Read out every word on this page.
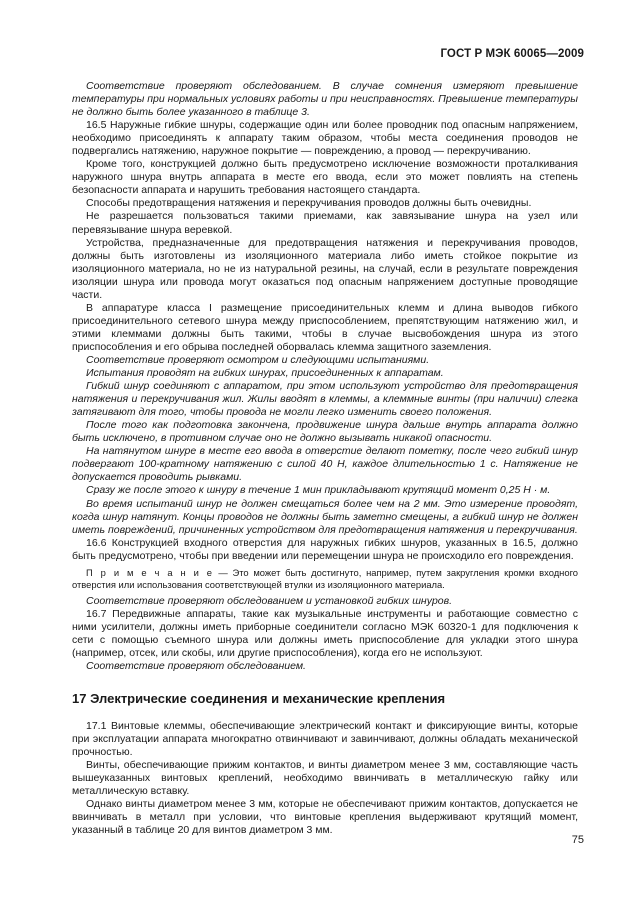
ГОСТ Р МЭК 60065—2009

Соответствие проверяют обследованием. В случае сомнения измеряют превышение температуры при нормальных условиях работы и при неисправностях. Превышение температуры не должно быть более указанного в таблице 3.

16.5 Наружные гибкие шнуры, содержащие один или более проводник под опасным напряжением, необходимо присоединять к аппарату таким образом, чтобы места соединения проводов не подвергались натяжению, наружное покрытие — повреждению, а провод — перекручиванию.

Кроме того, конструкцией должно быть предусмотрено исключение возможности проталкивания наружного шнура внутрь аппарата в месте его ввода, если это может повлиять на степень безопасности аппарата и нарушить требования настоящего стандарта.

Способы предотвращения натяжения и перекручивания проводов должны быть очевидны.

Не разрешается пользоваться такими приемами, как завязывание шнура на узел или перевязывание шнура веревкой.

Устройства, предназначенные для предотвращения натяжения и перекручивания проводов, должны быть изготовлены из изоляционного материала либо иметь стойкое покрытие из изоляционного материала, но не из натуральной резины, на случай, если в результате повреждения изоляции шнура или провода могут оказаться под опасным напряжением доступные проводящие части.

В аппаратуре класса I размещение присоединительных клемм и длина выводов гибкого присоединительного сетевого шнура между приспособлением, препятствующим натяжению жил, и этими клеммами должны быть такими, чтобы в случае высвобождения шнура из этого приспособления и его обрыва последней оборвалась клемма защитного заземления.

Соответствие проверяют осмотром и следующими испытаниями.

Испытания проводят на гибких шнурах, присоединенных к аппаратам.

Гибкий шнур соединяют с аппаратом, при этом используют устройство для предотвращения натяжения и перекручивания жил. Жилы вводят в клеммы, а клеммные винты (при наличии) слегка затягивают для того, чтобы провода не могли легко изменить своего положения.

После того как подготовка закончена, продвижение шнура дальше внутрь аппарата должно быть исключено, в противном случае оно не должно вызывать никакой опасности.

На натянутом шнуре в месте его ввода в отверстие делают пометку, после чего гибкий шнур подвергают 100-кратному натяжению с силой 40 Н, каждое длительностью 1 с. Натяжение не допускается проводить рывками.

Сразу же после этого к шнуру в течение 1 мин прикладывают крутящий момент 0,25 Н · м.

Во время испытаний шнур не должен смещаться более чем на 2 мм. Это измерение проводят, когда шнур натянут. Концы проводов не должны быть заметно смещены, а гибкий шнур не должен иметь повреждений, причиненных устройством для предотвращения натяжения и перекручивания.

16.6 Конструкцией входного отверстия для наружных гибких шнуров, указанных в 16.5, должно быть предусмотрено, чтобы при введении или перемещении шнура не происходило его повреждения.

П р и м е ч а н и е — Это может быть достигнуто, например, путем закругления кромки входного отверстия или использования соответствующей втулки из изоляционного материала.

Соответствие проверяют обследованием и установкой гибких шнуров.

16.7 Передвижные аппараты, такие как музыкальные инструменты и работающие совместно с ними усилители, должны иметь приборные соединители согласно МЭК 60320-1 для подключения к сети с помощью съемного шнура или должны иметь приспособление для укладки этого шнура (например, отсек, или скобы, или другие приспособления), когда его не используют.

Соответствие проверяют обследованием.

17 Электрические соединения и механические крепления

17.1 Винтовые клеммы, обеспечивающие электрический контакт и фиксирующие винты, которые при эксплуатации аппарата многократно отвинчивают и завинчивают, должны обладать механической прочностью.

Винты, обеспечивающие прижим контактов, и винты диаметром менее 3 мм, составляющие часть вышеуказанных винтовых креплений, необходимо ввинчивать в металлическую гайку или металлическую вставку.

Однако винты диаметром менее 3 мм, которые не обеспечивают прижим контактов, допускается не ввинчивать в металл при условии, что винтовые крепления выдерживают крутящий момент, указанный в таблице 20 для винтов диаметром 3 мм.

75
